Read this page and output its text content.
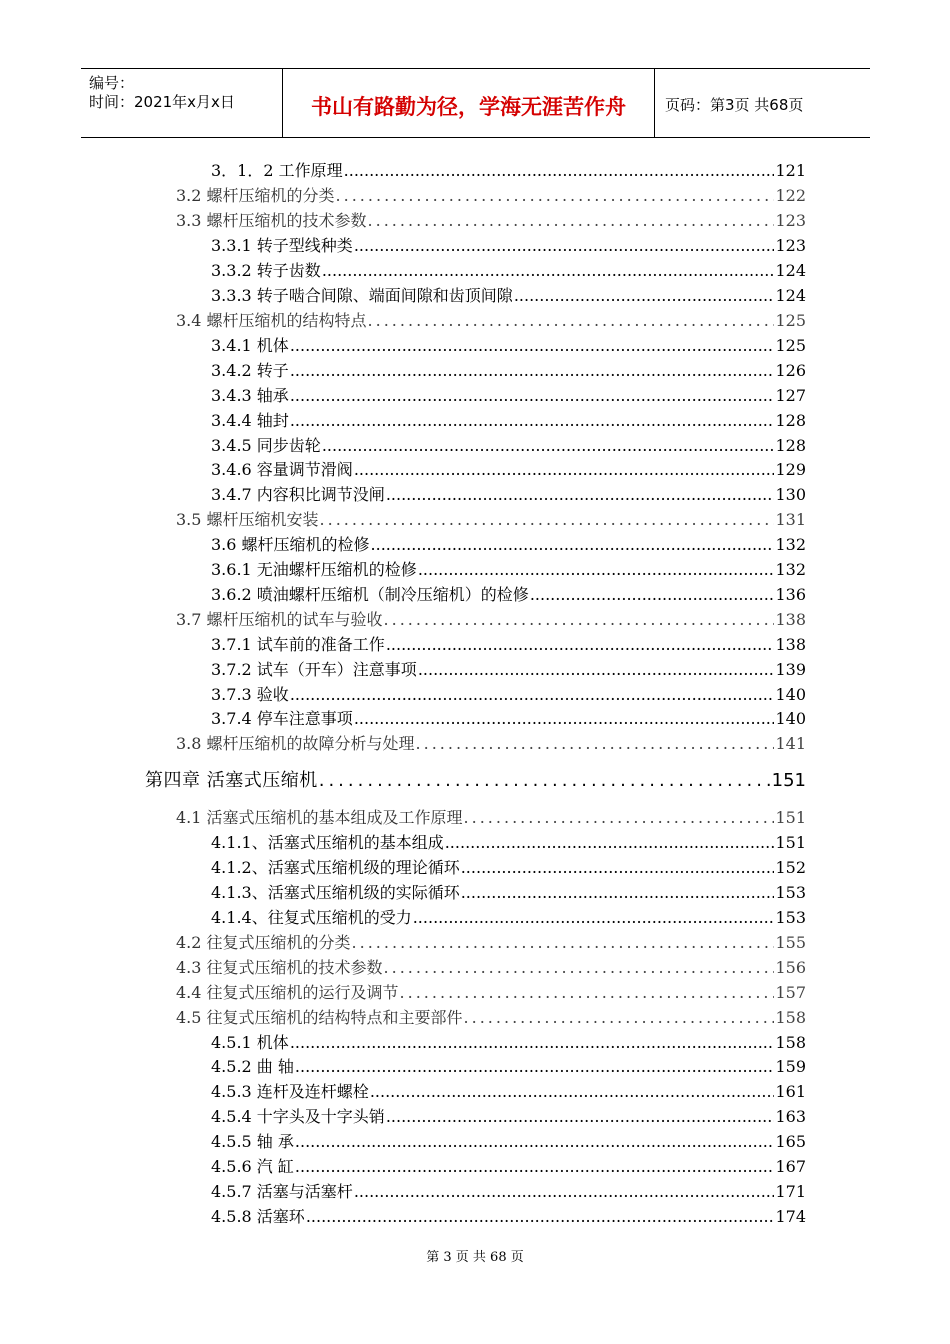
编号：
时间：2021年x月x日	书山有路勤为径，学海无涯苦作舟	页码：第3页 共68页
3．1．2 工作原理 .....	121
3.2 螺杆压缩机的分类 .....	122
3.3 螺杆压缩机的技术参数 .....	123
3.3.1 转子型线种类 .....	123
3.3.2 转子齿数 .....	124
3.3.3 转子啮合间隙、端面间隙和齿顶间隙 .....	124
3.4 螺杆压缩机的结构特点 .....	125
3.4.1 机体 .....	125
3.4.2 转子 .....	126
3.4.3 轴承 .....	127
3.4.4 轴封 .....	128
3.4.5 同步齿轮 .....	128
3.4.6 容量调节滑阀 .....	129
3.4.7 内容积比调节没闸 .....	130
3.5 螺杆压缩机安装 .....	131
3.6 螺杆压缩机的检修 .....	132
3.6.1 无油螺杆压缩机的检修 .....	132
3.6.2 喷油螺杆压缩机（制冷压缩机）的检修 .....	136
3.7 螺杆压缩机的试车与验收 .....	138
3.7.1 试车前的准备工作 .....	138
3.7.2 试车（开车）注意事项 .....	139
3.7.3 验收 .....	140
3.7.4 停车注意事项 .....	140
3.8 螺杆压缩机的故障分析与处理 .....	141
第四章 活塞式压缩机 .....	151
4.1 活塞式压缩机的基本组成及工作原理 .....	151
4.1.1、活塞式压缩机的基本组成 .....	151
4.1.2、活塞式压缩机级的理论循环 .....	152
4.1.3、活塞式压缩机级的实际循环 .....	153
4.1.4、往复式压缩机的受力 .....	153
4.2 往复式压缩机的分类 .....	155
4.3 往复式压缩机的技术参数 .....	156
4.4 往复式压缩机的运行及调节 .....	157
4.5 往复式压缩机的结构特点和主要部件 .....	158
4.5.1 机体 .....	158
4.5.2 曲 轴 .....	159
4.5.3 连杆及连杆螺栓 .....	161
4.5.4 十字头及十字头销 .....	163
4.5.5 轴 承 .....	165
4.5.6 汽 缸 .....	167
4.5.7 活塞与活塞杆 .....	171
4.5.8 活塞环 .....	174
第 3 页 共 68 页
